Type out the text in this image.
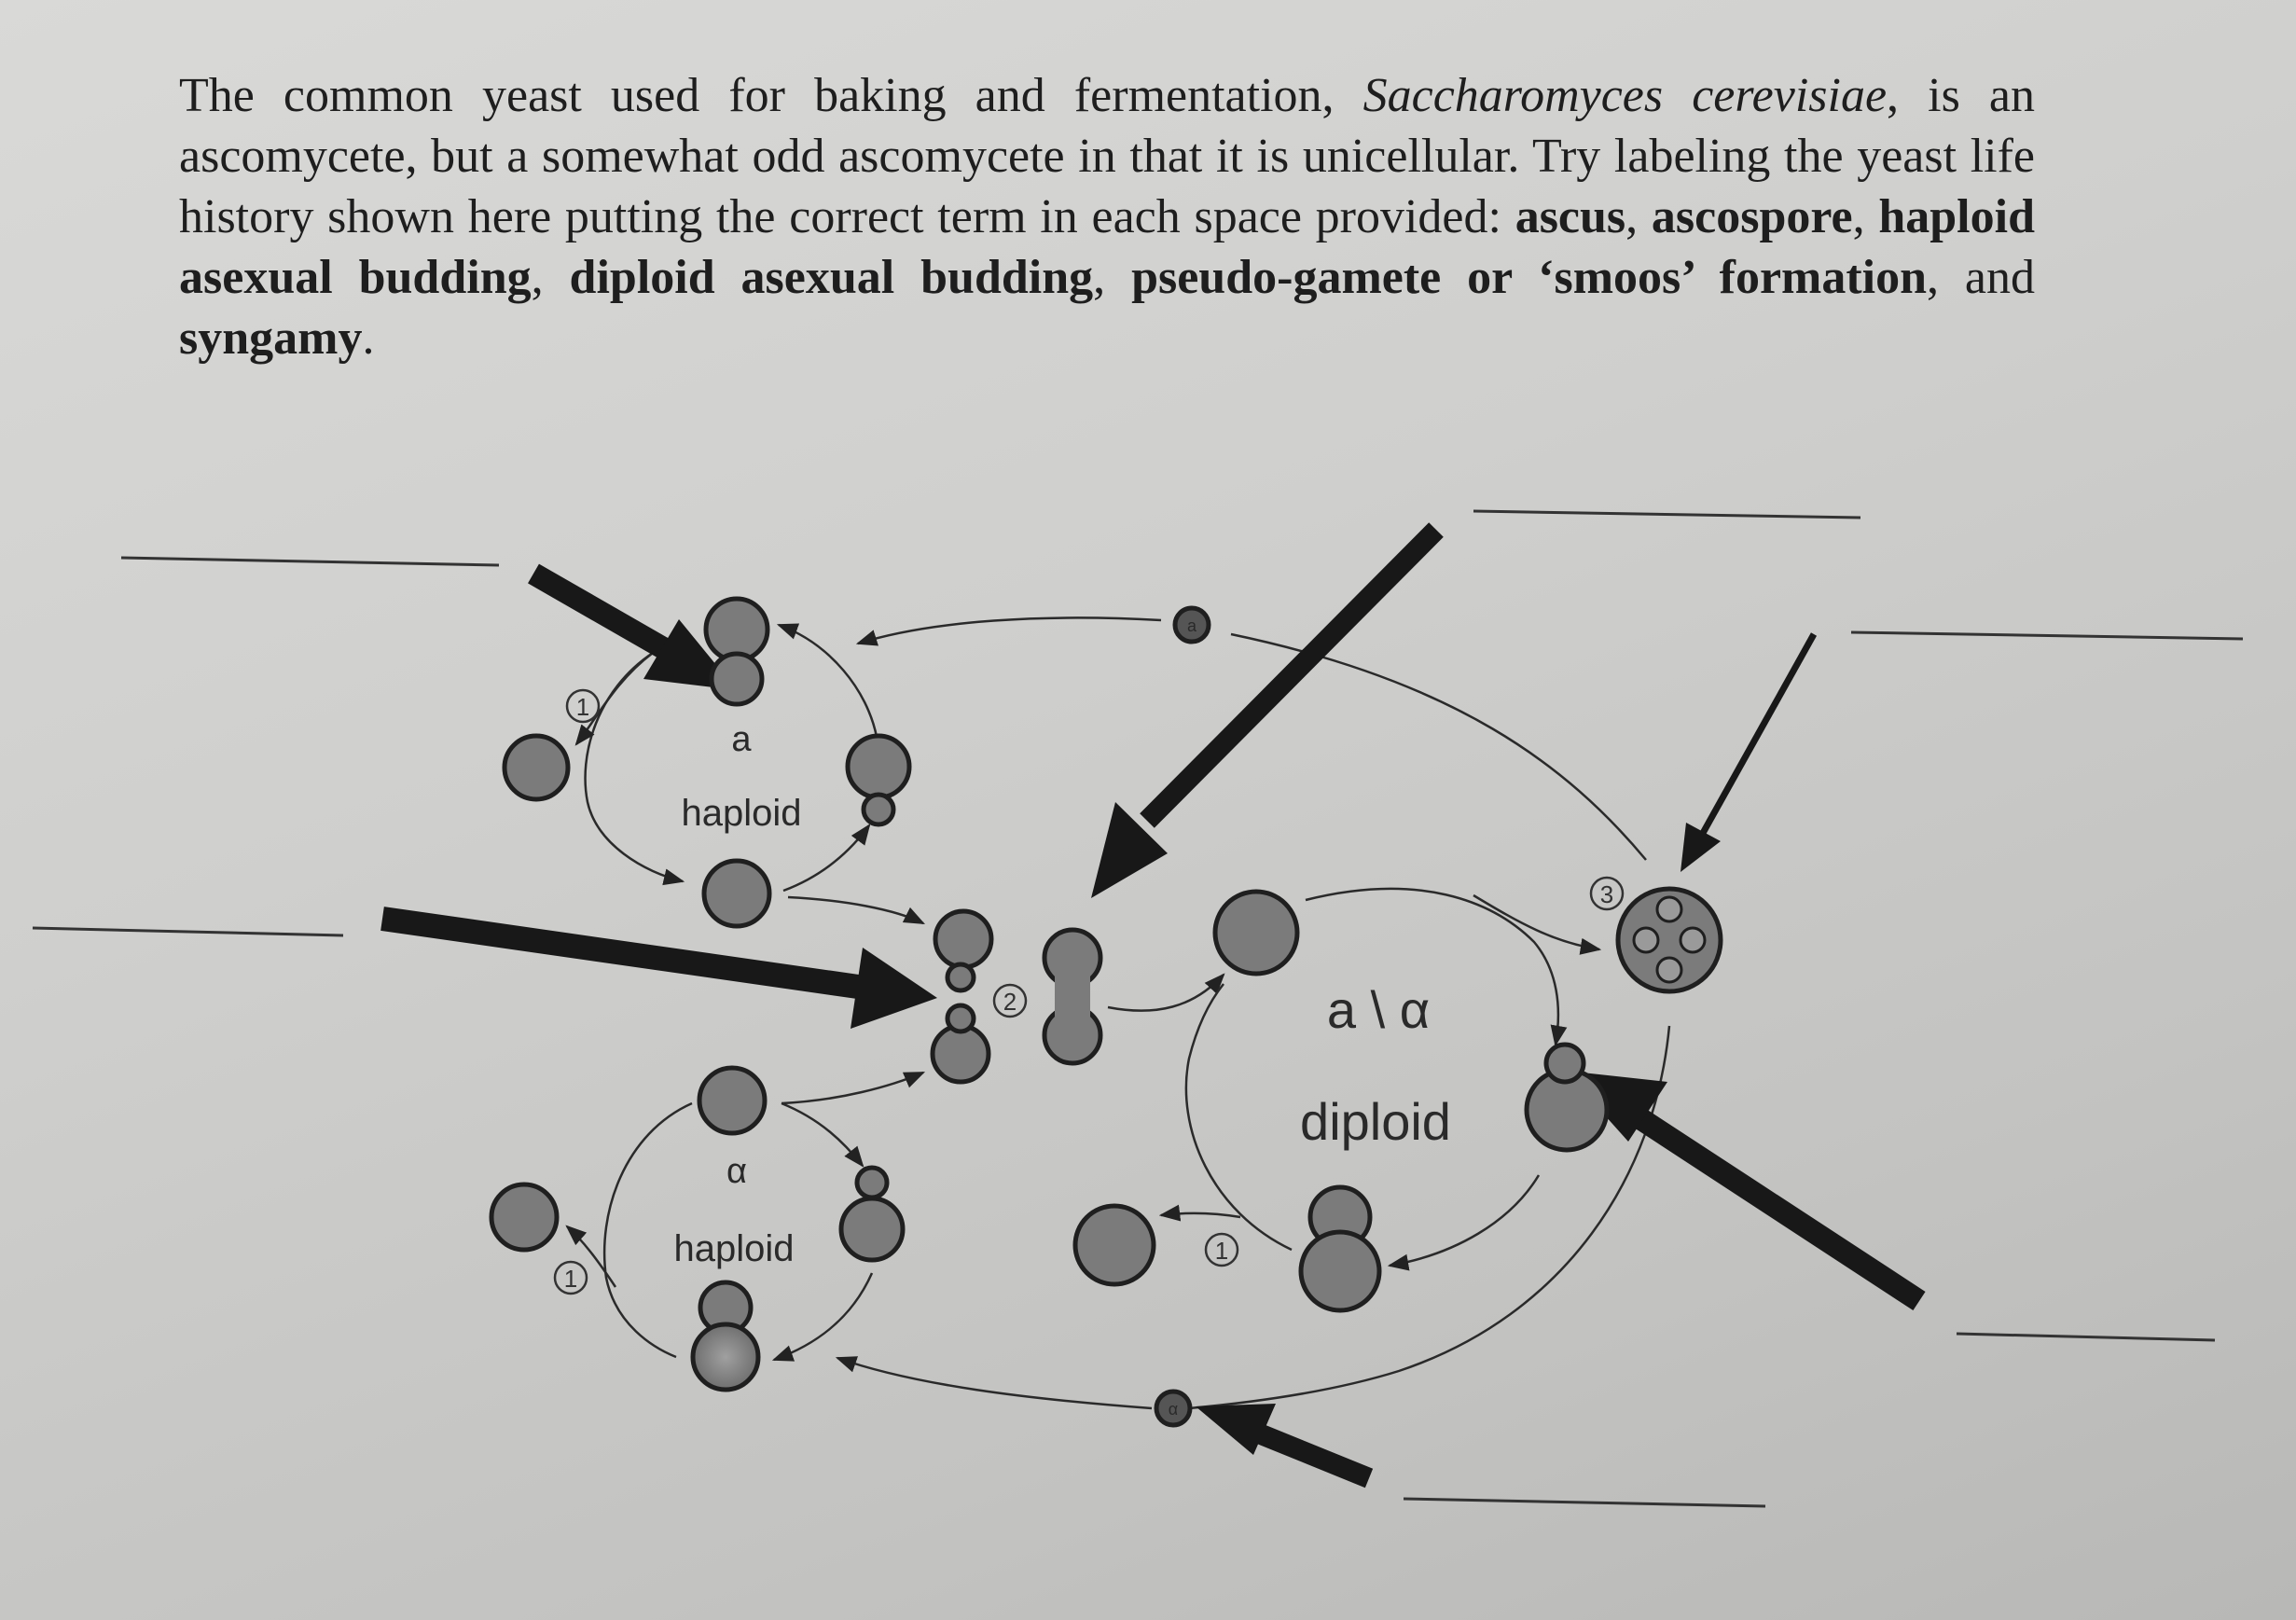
The common yeast used for baking and fermentation, Saccharomyces cerevisiae, is an ascomycete, but a somewhat odd ascomycete in that it is unicellular. Try labeling the yeast life history shown here putting the correct term in each space provided: ascus, ascospore, haploid asexual budding, diploid asexual budding, pseudo-gamete or ‘smoos’ formation, and syngamy.

a
haploid
α
haploid
a \ α
diploid
a
α
1
1
2
1
3
